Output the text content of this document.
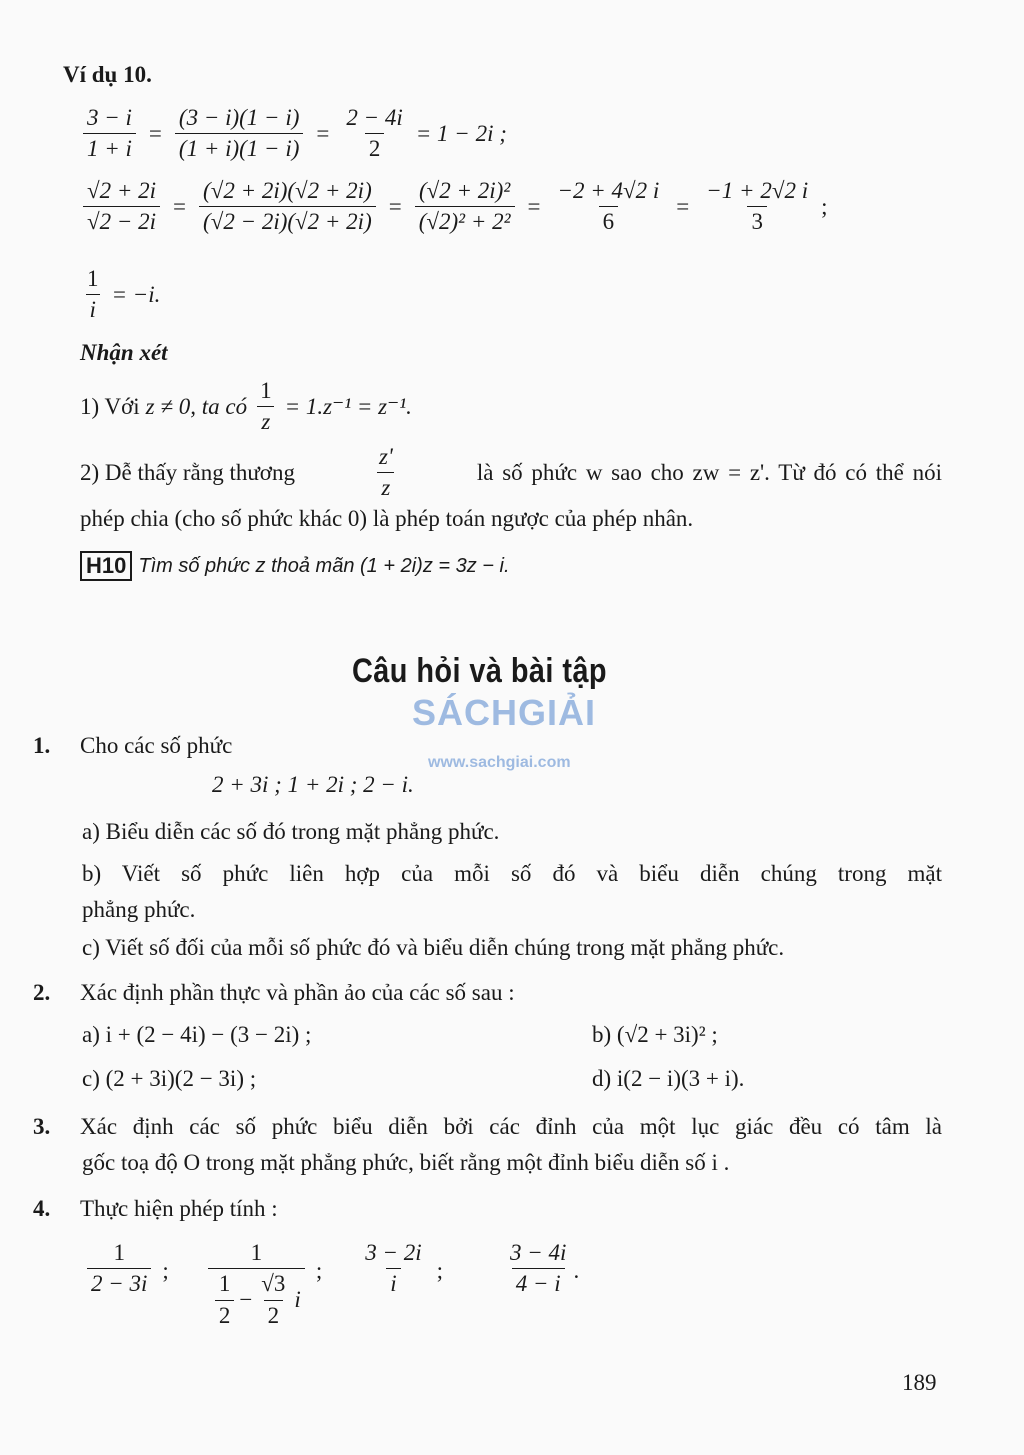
Ví dụ 10.
$\frac{3 - i}{1 + i} = \frac{(3 - i)(1 - i)}{(1 + i)(1 - i)} = \frac{2 - 4i}{2} = 1 - 2i$ ;
$\frac{√2 + 2i}{√2 - 2i} = \frac{(√2 + 2i)(√2 + 2i)}{(√2 - 2i)(√2 + 2i)} = \frac{\text{(√2 + 2i)²}}{\text{(√2)² + 2²}} = \frac{-2 + 4√2 i}{6} = \frac{-1 + 2√2 i}{3}$ ;
$\frac{1}{i} = -i$.
Nhận xét
1) Với z ≠ 0, ta có $\frac{1}{z} = 1.z^{-1} = z^{-1}$.
2) Dễ thấy rằng thương	$\frac{z'}{z}$	là số phức w sao cho zw = z'. Từ đó có thể nói
phép chia (cho số phức khác 0) là phép toán ngược của phép nhân.
H10 Tìm số phức z thoả mãn (1 + 2i)z = 3z − i.
Câu hỏi và bài tập
SÁCHGIẢI
www.sachgiai.com
1. Cho các số phức
2 + 3i ; 1 + 2i ; 2 − i.
a) Biểu diễn các số đó trong mặt phẳng phức.
b) Viết số phức liên hợp của mỗi số đó và biểu diễn chúng trong mặt
phẳng phức.
c) Viết số đối của mỗi số phức đó và biểu diễn chúng trong mặt phẳng phức.
2. Xác định phần thực và phần ảo của các số sau :
a) i + (2 − 4i) − (3 − 2i) ;	b) (√2 + 3i)² ;
c) (2 + 3i)(2 − 3i) ;	d) i(2 − i)(3 + i).
3. Xác định các số phức biểu diễn bởi các đỉnh của một lục giác đều có tâm là
gốc toạ độ O trong mặt phẳng phức, biết rằng một đỉnh biểu diễn số i .
4. Thực hiện phép tính :
$\frac{1}{2 - 3i}$ ; $\frac{1}{\frac{1}{2} - \frac{√3}{2} i}$ ; $\frac{3 - 2i}{i}$ ;	$\frac{3 - 4i}{4 - i}$ .
189
